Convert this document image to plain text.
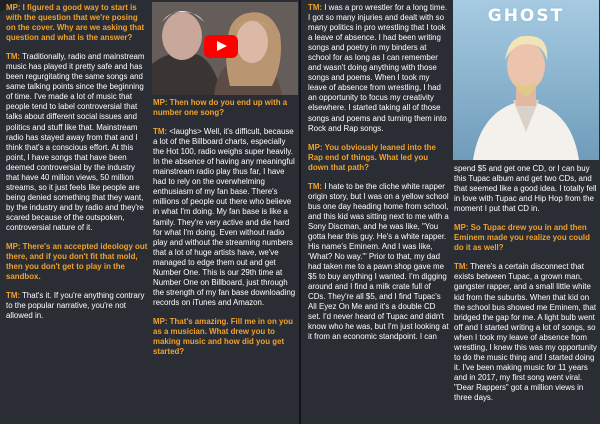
MP: I figured a good way to start is with the question that we're posing on the cover. Why are we asking that question and what is the answer?

TM: Traditionally, radio and mainstream music has played it pretty safe and has been regurgitating the same songs and same talking points since the beginning of time. I've made a lot of music that people tend to label controversial that talks about different social issues and politics and stuff like that. Mainstream radio has stayed away from that and I think that's a conscious effort. At this point, I have songs that have been deemed controversial by the industry that have 40 million views, 50 million streams, so it just feels like people are being denied something that they want, by the industry and by radio and they're scared because of the outspoken, controversial nature of it.

MP: There's an accepted ideology out there, and if you don't fit that mold, then you don't get to play in the sandbox.

TM: That's it. If you're anything contrary to the popular narrative, you're not allowed in.

MP: Then how do you end up with a number one song?

TM: <laughs> Well, it's difficult, because a lot of the Billboard charts, especially the Hot 100, radio weighs super heavily. In the absence of having any meaningful mainstream radio play thus far, I have had to rely on the overwhelming enthusiasm of my fan base. There's millions of people out there who believe in what I'm doing. My fan base is like a family. They're very active and die hard for what I'm doing. Even without radio play and without the streaming numbers that a lot of huge artists have, we've managed to edge them out and get Number One. This is our 29th time at Number One on Billboard, just through the strength of my fan base downloading records on iTunes and Amazon.

MP: That's amazing. Fill me in on you as a musician. What drew you to making music and how did you get started?

TM: I was a pro wrestler for a long time. I got so many injuries and dealt with so many politics in pro wrestling that I took a leave of absence. I had been writing songs and poetry in my binders at school for as long as I can remember and wasn't doing anything with those songs and poems. When I took my leave of absence from wrestling, I had an opportunity to focus my creativity elsewhere. I started taking all of those songs and poems and turning them into Rock and Rap songs.

MP: You obviously leaned into the Rap end of things. What led you down that path?

TM: I hate to be the cliche white rapper origin story, but I was on a yellow school bus one day heading home from school, and this kid was sitting next to me with a Sony Discman, and he was like, "You gotta hear this guy. He's a white rapper. His name's Eminem. And I was like, 'What? No way.'" Prior to that, my dad had taken me to a pawn shop gave me $5 to buy anything I wanted. I'm digging around and I find a milk crate full of CDs. They're all $5, and I find Tupac's All Eyez On Me and it's a double CD set. I'd never heard of Tupac and didn't know who he was, but I'm just looking at it from an economic standpoint. I can

GHOST

spend $5 and get one CD, or I can buy this Tupac album and get two CDs, and that seemed like a good idea. I totally fell in love with Tupac and Hip Hop from the moment I put that CD in.

MP: So Tupac drew you in and then Eminem made you realize you could do it as well?

TM: There's a certain disconnect that exists between Tupac, a grown man, gangster rapper, and a small little white kid from the suburbs. When that kid on the school bus showed me Eminem, that bridged the gap for me. A light bulb went off and I started writing a lot of songs, so when I took my leave of absence from wrestling, I knew this was my opportunity to do the music thing and I started doing it. I've been making music for 11 years and in 2017, my first song went viral. "Dear Rappers" got a million views in three days.
